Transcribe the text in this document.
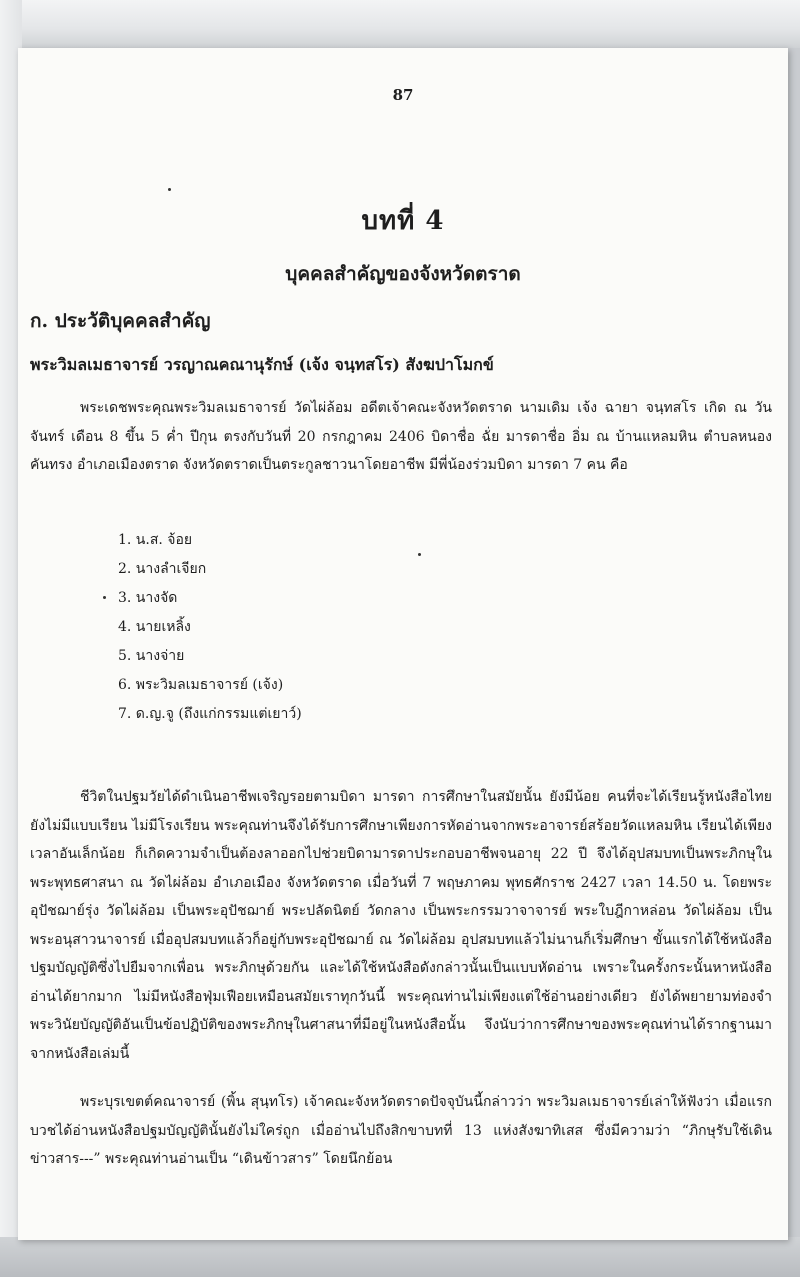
87
บทที่ 4
บุคคลสำคัญของจังหวัดตราด
ก. ประวัติบุคคลสำคัญ
พระวิมลเมธาจารย์ วรญาณคณานุรักษ์ (เจ้ง จนฺทสโร) สังฆปาโมกข์

พระเดชพระคุณพระวิมลเมธาจารย์ วัดไผ่ล้อม อดีตเจ้าคณะจังหวัดตราด นามเดิม เจ้ง ฉายา จนฺทสโร เกิด ณ วันจันทร์ เดือน 8 ขึ้น 5 ค่ำ ปีกุน ตรงกับวันที่ 20 กรกฎาคม 2406 บิดาชื่อ ฉั่ย มารดาชื่อ อิ่ม ณ บ้านแหลมหิน ตำบลหนองคันทรง อำเภอเมืองตราด จังหวัดตราดเป็นตระกูลชาวนาโดยอาชีพ มีพี่น้องร่วมบิดา มารดา 7 คน คือ

1. น.ส. จ้อย
2. นางลำเจียก
3. นางจัด
4. นายเหลิ้ง
5. นางจ่าย
6. พระวิมลเมธาจารย์ (เจ้ง)
7. ด.ญ.จู (ถึงแก่กรรมแต่เยาว์)

ชีวิตในปฐมวัยได้ดำเนินอาชีพเจริญรอยตามบิดา มารดา การศึกษาในสมัยนั้น ยังมีน้อย คนที่จะได้เรียนรู้หนังสือไทย ยังไม่มีแบบเรียน ไม่มีโรงเรียน พระคุณท่านจึงได้รับการศึกษาเพียงการหัดอ่านจากพระอาจารย์สร้อยวัดแหลมหิน เรียนได้เพียงเวลาอันเล็กน้อย ก็เกิดความจำเป็นต้องลาออกไปช่วยบิดามารดาประกอบอาชีพจนอายุ 22 ปี จึงได้อุปสมบทเป็นพระภิกษุในพระพุทธศาสนา ณ วัดไผ่ล้อม อำเภอเมือง จังหวัดตราด เมื่อวันที่ 7 พฤษภาคม พุทธศักราช 2427 เวลา 14.50 น. โดยพระอุปัชฌาย์รุ่ง วัดไผ่ล้อม เป็นพระอุปัชฌาย์ พระปลัดนิตย์ วัดกลาง เป็นพระกรรมวาจาจารย์ พระใบฎีกาหล่อน วัดไผ่ล้อม เป็นพระอนุสาวนาจารย์ เมื่ออุปสมบทแล้วก็อยู่กับพระอุปัชฌาย์ ณ วัดไผ่ล้อม อุปสมบทแล้วไม่นานก็เริ่มศึกษา ขั้นแรกได้ใช้หนังสือปฐมบัญญัติซึ่งไปยืมจากเพื่อน พระภิกษุด้วยกัน และได้ใช้หนังสือดังกล่าวนั้นเป็นแบบหัดอ่าน เพราะในครั้งกระนั้นหาหนังสืออ่านได้ยากมาก ไม่มีหนังสือฟุ่มเฟือยเหมือนสมัยเราทุกวันนี้ พระคุณท่านไม่เพียงแต่ใช้อ่านอย่างเดียว ยังได้พยายามท่องจำพระวินัยบัญญัติอันเป็นข้อปฏิบัติของพระภิกษุในศาสนาที่มีอยู่ในหนังสือนั้น จึงนับว่าการศึกษาของพระคุณท่านได้รากฐานมาจากหนังสือเล่มนี้

พระบุรเขตต์คณาจารย์ (พิ้น สุนฺทโร) เจ้าคณะจังหวัดตราดปัจจุบันนี้กล่าวว่า พระวิมลเมธาจารย์เล่าให้ฟังว่า เมื่อแรกบวชได้อ่านหนังสือปฐมบัญญัตินั้นยังไม่ใคร่ถูก เมื่ออ่านไปถึงสิกขาบทที่ 13 แห่งสังฆาทิเสส ซึ่งมีความว่า “ภิกษุรับใช้เดินข่าวสาร---” พระคุณท่านอ่านเป็น “เดินข้าวสาร” โดยนึกย้อน
